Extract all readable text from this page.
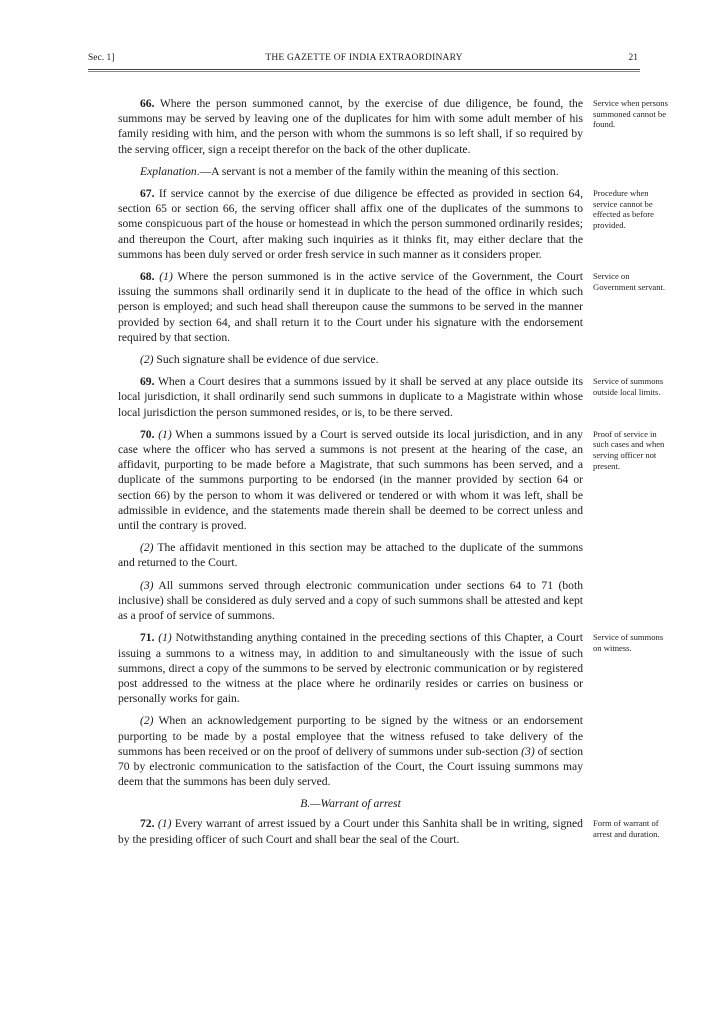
Sec. 1]	THE GAZETTE OF INDIA EXTRAORDINARY	21

66. Where the person summoned cannot, by the exercise of due diligence, be found, the summons may be served by leaving one of the duplicates for him with some adult member of his family residing with him, and the person with whom the summons is so left shall, if so required by the serving officer, sign a receipt therefor on the back of the other duplicate.

Service when persons summoned cannot be found.

Explanation.—A servant is not a member of the family within the meaning of this section.

67. If service cannot by the exercise of due diligence be effected as provided in section 64, section 65 or section 66, the serving officer shall affix one of the duplicates of the summons to some conspicuous part of the house or homestead in which the person summoned ordinarily resides; and thereupon the Court, after making such inquiries as it thinks fit, may either declare that the summons has been duly served or order fresh service in such manner as it considers proper.

Procedure when service cannot be effected as before provided.

68. (1) Where the person summoned is in the active service of the Government, the Court issuing the summons shall ordinarily send it in duplicate to the head of the office in which such person is employed; and such head shall thereupon cause the summons to be served in the manner provided by section 64, and shall return it to the Court under his signature with the endorsement required by that section.

Service on Government servant.

(2) Such signature shall be evidence of due service.

69. When a Court desires that a summons issued by it shall be served at any place outside its local jurisdiction, it shall ordinarily send such summons in duplicate to a Magistrate within whose local jurisdiction the person summoned resides, or is, to be there served.

Service of summons outside local limits.

70. (1) When a summons issued by a Court is served outside its local jurisdiction, and in any case where the officer who has served a summons is not present at the hearing of the case, an affidavit, purporting to be made before a Magistrate, that such summons has been served, and a duplicate of the summons purporting to be endorsed (in the manner provided by section 64 or section 66) by the person to whom it was delivered or tendered or with whom it was left, shall be admissible in evidence, and the statements made therein shall be deemed to be correct unless and until the contrary is proved.

Proof of service in such cases and when serving officer not present.

(2) The affidavit mentioned in this section may be attached to the duplicate of the summons and returned to the Court.

(3) All summons served through electronic communication under sections 64 to 71 (both inclusive) shall be considered as duly served and a copy of such summons shall be attested and kept as a proof of service of summons.

71. (1) Notwithstanding anything contained in the preceding sections of this Chapter, a Court issuing a summons to a witness may, in addition to and simultaneously with the issue of such summons, direct a copy of the summons to be served by electronic communication or by registered post addressed to the witness at the place where he ordinarily resides or carries on business or personally works for gain.

Service of summons on witness.

(2) When an acknowledgement purporting to be signed by the witness or an endorsement purporting to be made by a postal employee that the witness refused to take delivery of the summons has been received or on the proof of delivery of summons under sub-section (3) of section 70 by electronic communication to the satisfaction of the Court, the Court issuing summons may deem that the summons has been duly served.

B.—Warrant of arrest

72. (1) Every warrant of arrest issued by a Court under this Sanhita shall be in writing, signed by the presiding officer of such Court and shall bear the seal of the Court.

Form of warrant of arrest and duration.
